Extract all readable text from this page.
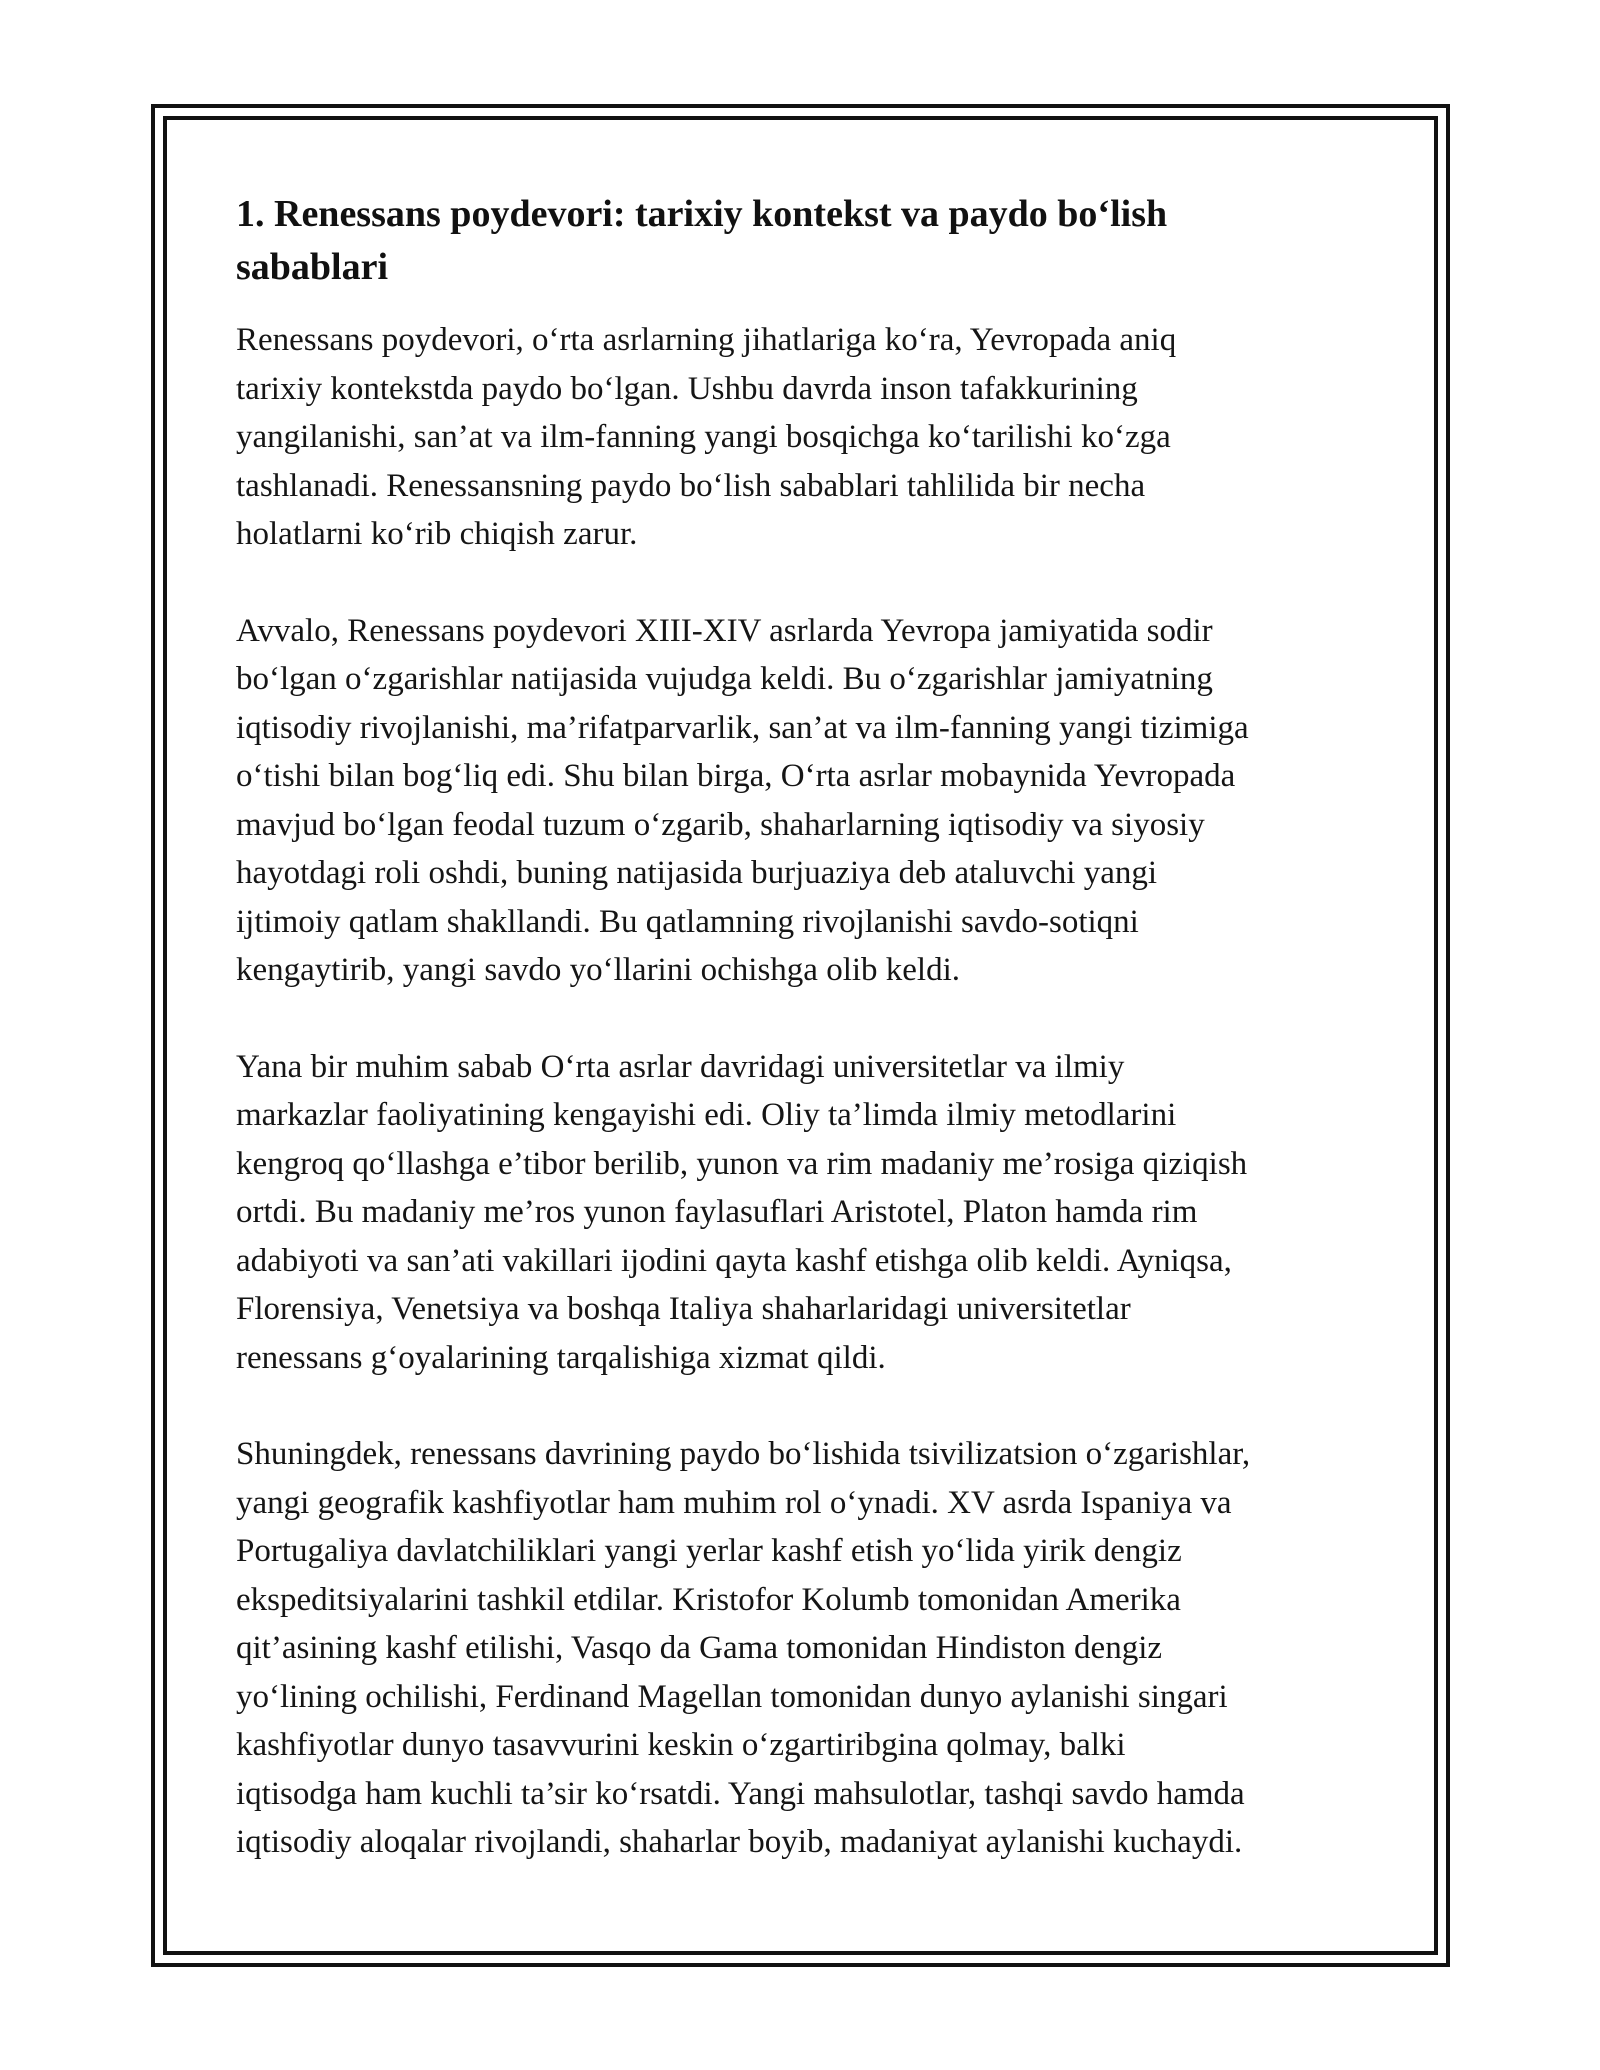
1. Renessans poydevori: tarixiy kontekst va paydo bo‘lish
sabablari

Renessans poydevori, o‘rta asrlarning jihatlariga ko‘ra, Yevropada aniq
tarixiy kontekstda paydo bo‘lgan. Ushbu davrda inson tafakkurining
yangilanishi, san’at va ilm-fanning yangi bosqichga ko‘tarilishi ko‘zga
tashlanadi. Renessansning paydo bo‘lish sabablari tahlilida bir necha
holatlarni ko‘rib chiqish zarur.

Avvalo, Renessans poydevori XIII-XIV asrlarda Yevropa jamiyatida sodir
bo‘lgan o‘zgarishlar natijasida vujudga keldi. Bu o‘zgarishlar jamiyatning
iqtisodiy rivojlanishi, ma’rifatparvarlik, san’at va ilm-fanning yangi tizimiga
o‘tishi bilan bog‘liq edi. Shu bilan birga, O‘rta asrlar mobaynida Yevropada
mavjud bo‘lgan feodal tuzum o‘zgarib, shaharlarning iqtisodiy va siyosiy
hayotdagi roli oshdi, buning natijasida burjuaziya deb ataluvchi yangi
ijtimoiy qatlam shakllandi. Bu qatlamning rivojlanishi savdo-sotiqni
kengaytirib, yangi savdo yo‘llarini ochishga olib keldi.

Yana bir muhim sabab O‘rta asrlar davridagi universitetlar va ilmiy
markazlar faoliyatining kengayishi edi. Oliy ta’limda ilmiy metodlarini
kengroq qo‘llashga e’tibor berilib, yunon va rim madaniy me’rosiga qiziqish
ortdi. Bu madaniy me’ros yunon faylasuflari Aristotel, Platon hamda rim
adabiyoti va san’ati vakillari ijodini qayta kashf etishga olib keldi. Ayniqsa,
Florensiya, Venetsiya va boshqa Italiya shaharlaridagi universitetlar
renessans g‘oyalarining tarqalishiga xizmat qildi.

Shuningdek, renessans davrining paydo bo‘lishida tsivilizatsion o‘zgarishlar,
yangi geografik kashfiyotlar ham muhim rol o‘ynadi. XV asrda Ispaniya va
Portugaliya davlatchiliklari yangi yerlar kashf etish yo‘lida yirik dengiz
ekspeditsiyalarini tashkil etdilar. Kristofor Kolumb tomonidan Amerika
qit’asining kashf etilishi, Vasqo da Gama tomonidan Hindiston dengiz
yo‘lining ochilishi, Ferdinand Magellan tomonidan dunyo aylanishi singari
kashfiyotlar dunyo tasavvurini keskin o‘zgartiribgina qolmay, balki
iqtisodga ham kuchli ta’sir ko‘rsatdi. Yangi mahsulotlar, tashqi savdo hamda
iqtisodiy aloqalar rivojlandi, shaharlar boyib, madaniyat aylanishi kuchaydi.
